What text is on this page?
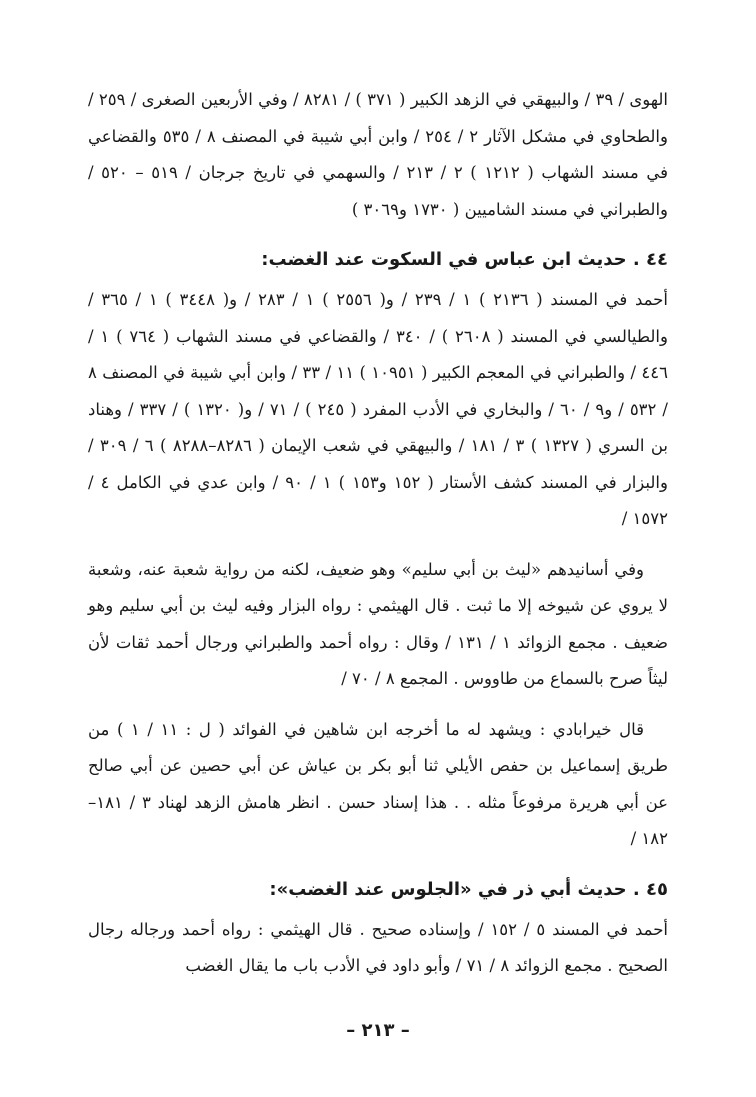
الهوى / ٣٩ / والبيهقي في الزهد الكبير ( ٣٧١ ) / ٨٢٨١ / وفي الأربعين الصغرى / ٢٥٩ / والطحاوي في مشكل الآثار ٢ / ٢٥٤ / وابن أبي شيبة في المصنف ٨ / ٥٣٥ والقضاعي في مسند الشهاب ( ١٢١٢ ) ٢ / ٢١٣ / والسهمي في تاريخ جرجان / ٥١٩ – ٥٢٠ / والطبراني في مسند الشاميين ( ١٧٣٠ و٣٠٦٩ )

٤٤ . حديث ابن عباس في السكوت عند الغضب:

أحمد في المسند ( ٢١٣٦ ) ١ / ٢٣٩ / و( ٢٥٥٦ ) ١ / ٢٨٣ / و( ٣٤٤٨ ) ١ / ٣٦٥ / والطيالسي في المسند ( ٢٦٠٨ ) / ٣٤٠ / والقضاعي في مسند الشهاب ( ٧٦٤ ) ١ / ٤٤٦ / والطبراني في المعجم الكبير ( ١٠٩٥١ ) ١١ / ٣٣ / وابن أبي شيبة في المصنف ٨ / ٥٣٢ / و٩ / ٦٠ / والبخاري في الأدب المفرد ( ٢٤٥ ) / ٧١ / و( ١٣٢٠ ) / ٣٣٧ / وهناد بن السري ( ١٣٢٧ ) ٣ / ١٨١ / والبيهقي في شعب الإيمان ( ٨٢٨٦–٨٢٨٨ ) ٦ / ٣٠٩ / والبزار في المسند كشف الأستار ( ١٥٢ و١٥٣ ) ١ / ٩٠ / وابن عدي في الكامل ٤ / ١٥٧٢ /

وفي أسانيدهم «ليث بن أبي سليم» وهو ضعيف، لكنه من رواية شعبة عنه، وشعبة لا يروي عن شيوخه إلا ما ثبت . قال الهيثمي : رواه البزار وفيه ليث بن أبي سليم وهو ضعيف . مجمع الزوائد ١ / ١٣١ / وقال : رواه أحمد والطبراني ورجال أحمد ثقات لأن ليثاً صرح بالسماع من طاووس . المجمع ٨ / ٧٠ /

قال خيرابادي : ويشهد له ما أخرجه ابن شاهين في الفوائد ( ل : ١١ / ١ ) من طريق إسماعيل بن حفص الأيلي ثنا أبو بكر بن عياش عن أبي حصين عن أبي صالح عن أبي هريرة مرفوعاً مثله . . هذا إسناد حسن . انظر هامش الزهد لهناد ٣ / ١٨١–١٨٢ /

٤٥ . حديث أبي ذر في «الجلوس عند الغضب»:

أحمد في المسند ٥ / ١٥٢ / وإسناده صحيح . قال الهيثمي : رواه أحمد ورجاله رجال الصحيح . مجمع الزوائد ٨ / ٧١ / وأبو داود في الأدب باب ما يقال الغضب

– ٢١٣ –
